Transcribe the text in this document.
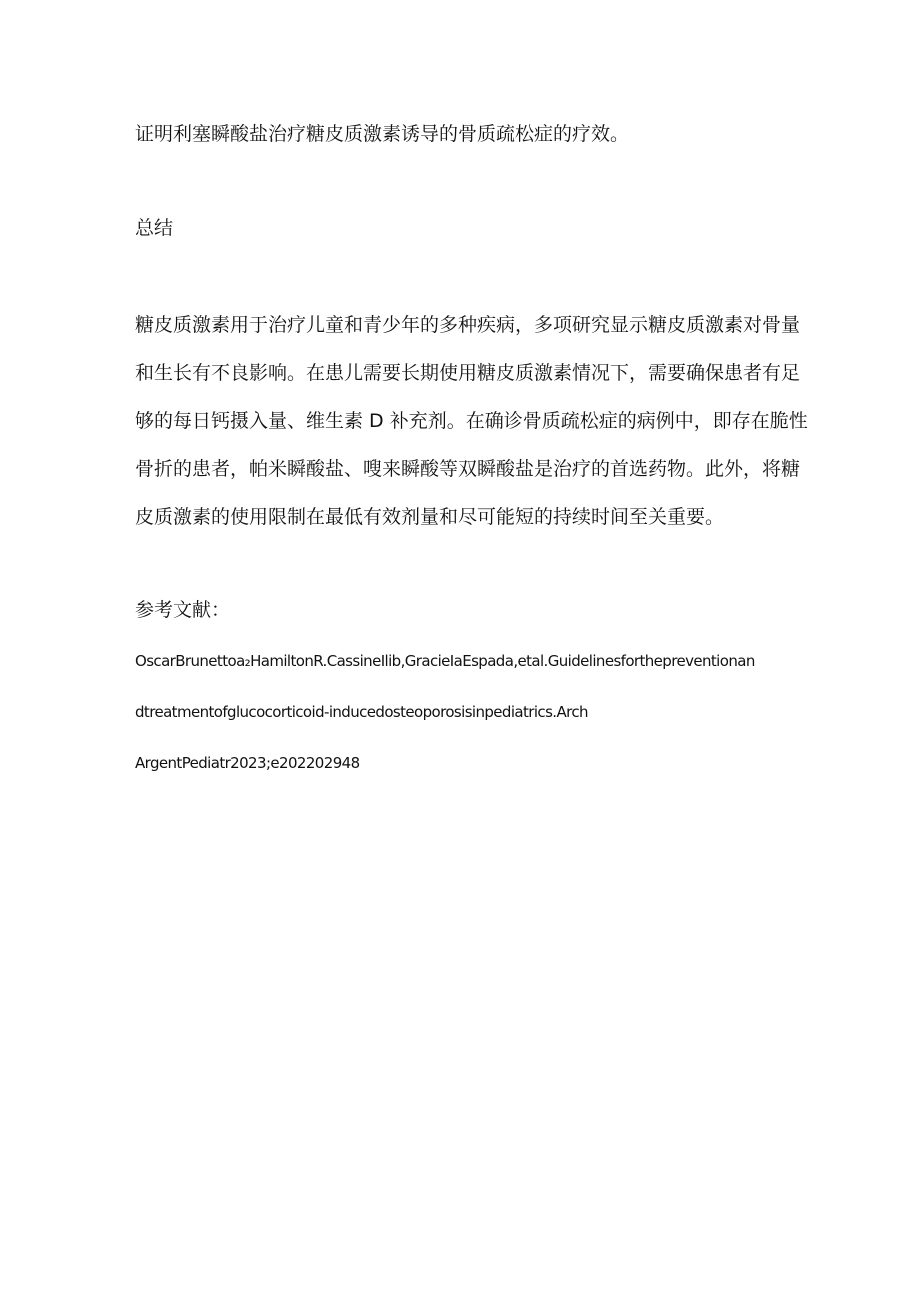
证明利塞瞬酸盐治疗糖皮质激素诱导的骨质疏松症的疗效。
总结
糖皮质激素用于治疗儿童和青少年的多种疾病，多项研究显示糖皮质激素对骨量
和生长有不良影响。在患儿需要长期使用糖皮质激素情况下，需要确保患者有足
够的每日钙摄入量、维生素 D 补充剂。在确诊骨质疏松症的病例中，即存在脆性
骨折的患者，帕米瞬酸盐、嗖来瞬酸等双瞬酸盐是治疗的首选药物。此外，将糖
皮质激素的使用限制在最低有效剂量和尽可能短的持续时间至关重要。
参考文献：
OscarBrunettoa₂HamiltonR.CassineIlib,GracieIaEspada,etal.Guidelinesforthepreventionan
dtreatmentofglucocorticoid-inducedosteoporosisinpediatrics.Arch
ArgentPediatr2023;e202202948
